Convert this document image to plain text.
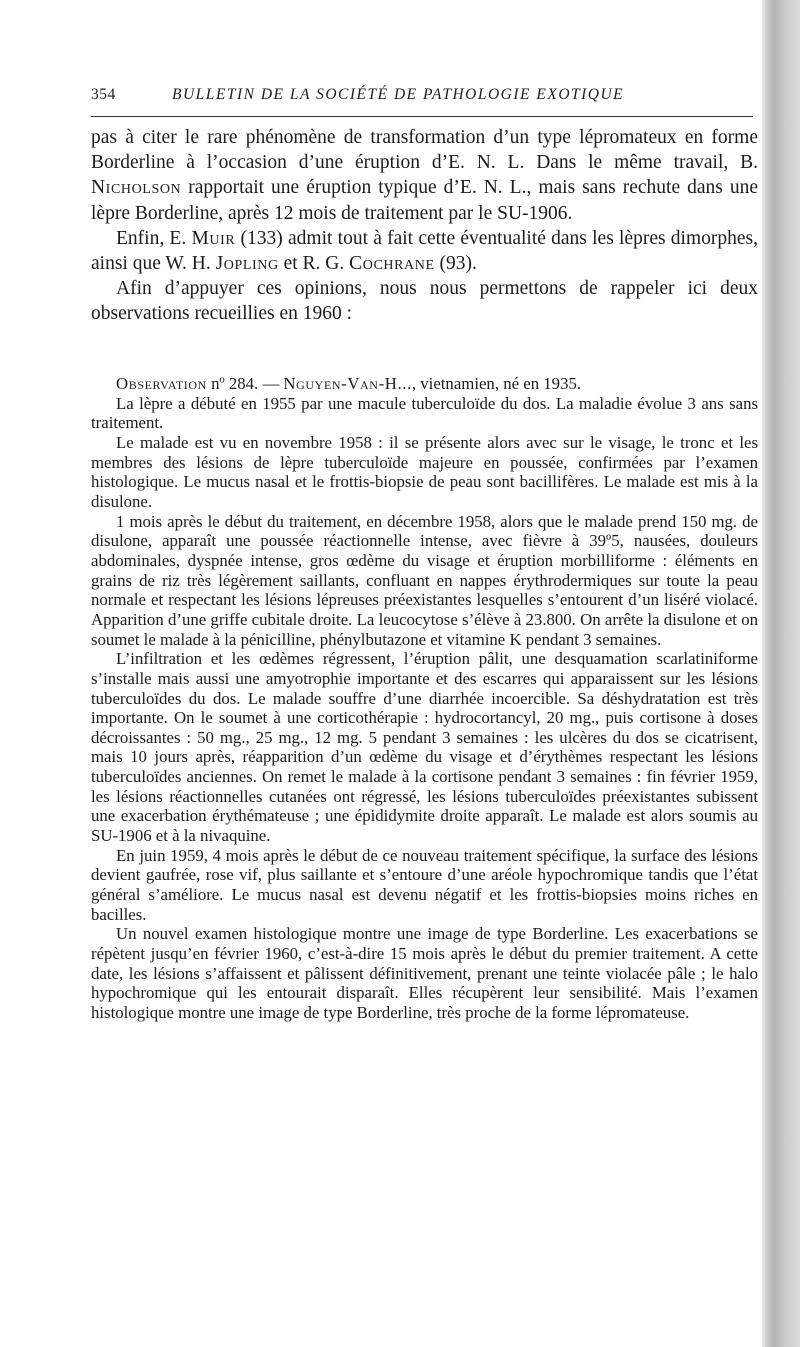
354	BULLETIN DE LA SOCIÉTÉ DE PATHOLOGIE EXOTIQUE

pas à citer le rare phénomène de transformation d’un type lépromateux en forme Borderline à l’occasion d’une éruption d’E. N. L. Dans le même travail, B. Nicholson rapportait une éruption typique d’E. N. L., mais sans rechute dans une lèpre Borderline, après 12 mois de traitement par le SU-1906.

Enfin, E. Muir (133) admit tout à fait cette éventualité dans les lèpres dimorphes, ainsi que W. H. Jopling et R. G. Cochrane (93).

Afin d’appuyer ces opinions, nous nous permettons de rappeler ici deux observations recueillies en 1960 :

Observation nº 284. — Nguyen-Van-H..., vietnamien, né en 1935.

La lèpre a débuté en 1955 par une macule tuberculoïde du dos. La maladie évolue 3 ans sans traitement.

Le malade est vu en novembre 1958 : il se présente alors avec sur le visage, le tronc et les membres des lésions de lèpre tuberculoïde majeure en poussée, confirmées par l’examen histologique. Le mucus nasal et le frottis-biopsie de peau sont bacillifères. Le malade est mis à la disulone.

1 mois après le début du traitement, en décembre 1958, alors que le malade prend 150 mg. de disulone, apparaît une poussée réactionnelle intense, avec fièvre à 39º5, nausées, douleurs abdominales, dyspnée intense, gros œdème du visage et éruption morbilliforme : éléments en grains de riz très légèrement saillants, confluant en nappes érythrodermiques sur toute la peau normale et respectant les lésions lépreuses préexistantes lesquelles s’entourent d’un liséré violacé. Apparition d’une griffe cubitale droite. La leucocytose s’élève à 23.800. On arrête la disulone et on soumet le malade à la pénicilline, phénylbutazone et vitamine K pendant 3 semaines.

L’infiltration et les œdèmes régressent, l’éruption pâlit, une desquamation scarlatiniforme s’installe mais aussi une amyotrophie importante et des escarres qui apparaissent sur les lésions tuberculoïdes du dos. Le malade souffre d’une diarrhée incoercible. Sa déshydratation est très importante. On le soumet à une corticothérapie : hydrocortancyl, 20 mg., puis cortisone à doses décroissantes : 50 mg., 25 mg., 12 mg. 5 pendant 3 semaines : les ulcères du dos se cicatrisent, mais 10 jours après, réapparition d’un œdème du visage et d’érythèmes respectant les lésions tuberculoïdes anciennes. On remet le malade à la cortisone pendant 3 semaines : fin février 1959, les lésions réactionnelles cutanées ont régressé, les lésions tuberculoïdes préexistantes subissent une exacerbation érythémateuse ; une épididymite droite apparaît. Le malade est alors soumis au SU-1906 et à la nivaquine.

En juin 1959, 4 mois après le début de ce nouveau traitement spécifique, la surface des lésions devient gaufrée, rose vif, plus saillante et s’entoure d’une aréole hypochromique tandis que l’état général s’améliore. Le mucus nasal est devenu négatif et les frottis-biopsies moins riches en bacilles.

Un nouvel examen histologique montre une image de type Borderline. Les exacerbations se répètent jusqu’en février 1960, c’est-à-dire 15 mois après le début du premier traitement. A cette date, les lésions s’affaissent et pâlissent définitivement, prenant une teinte violacée pâle ; le halo hypochromique qui les entourait disparaît. Elles récupèrent leur sensibilité. Mais l’examen histologique montre une image de type Borderline, très proche de la forme lépromateuse.
